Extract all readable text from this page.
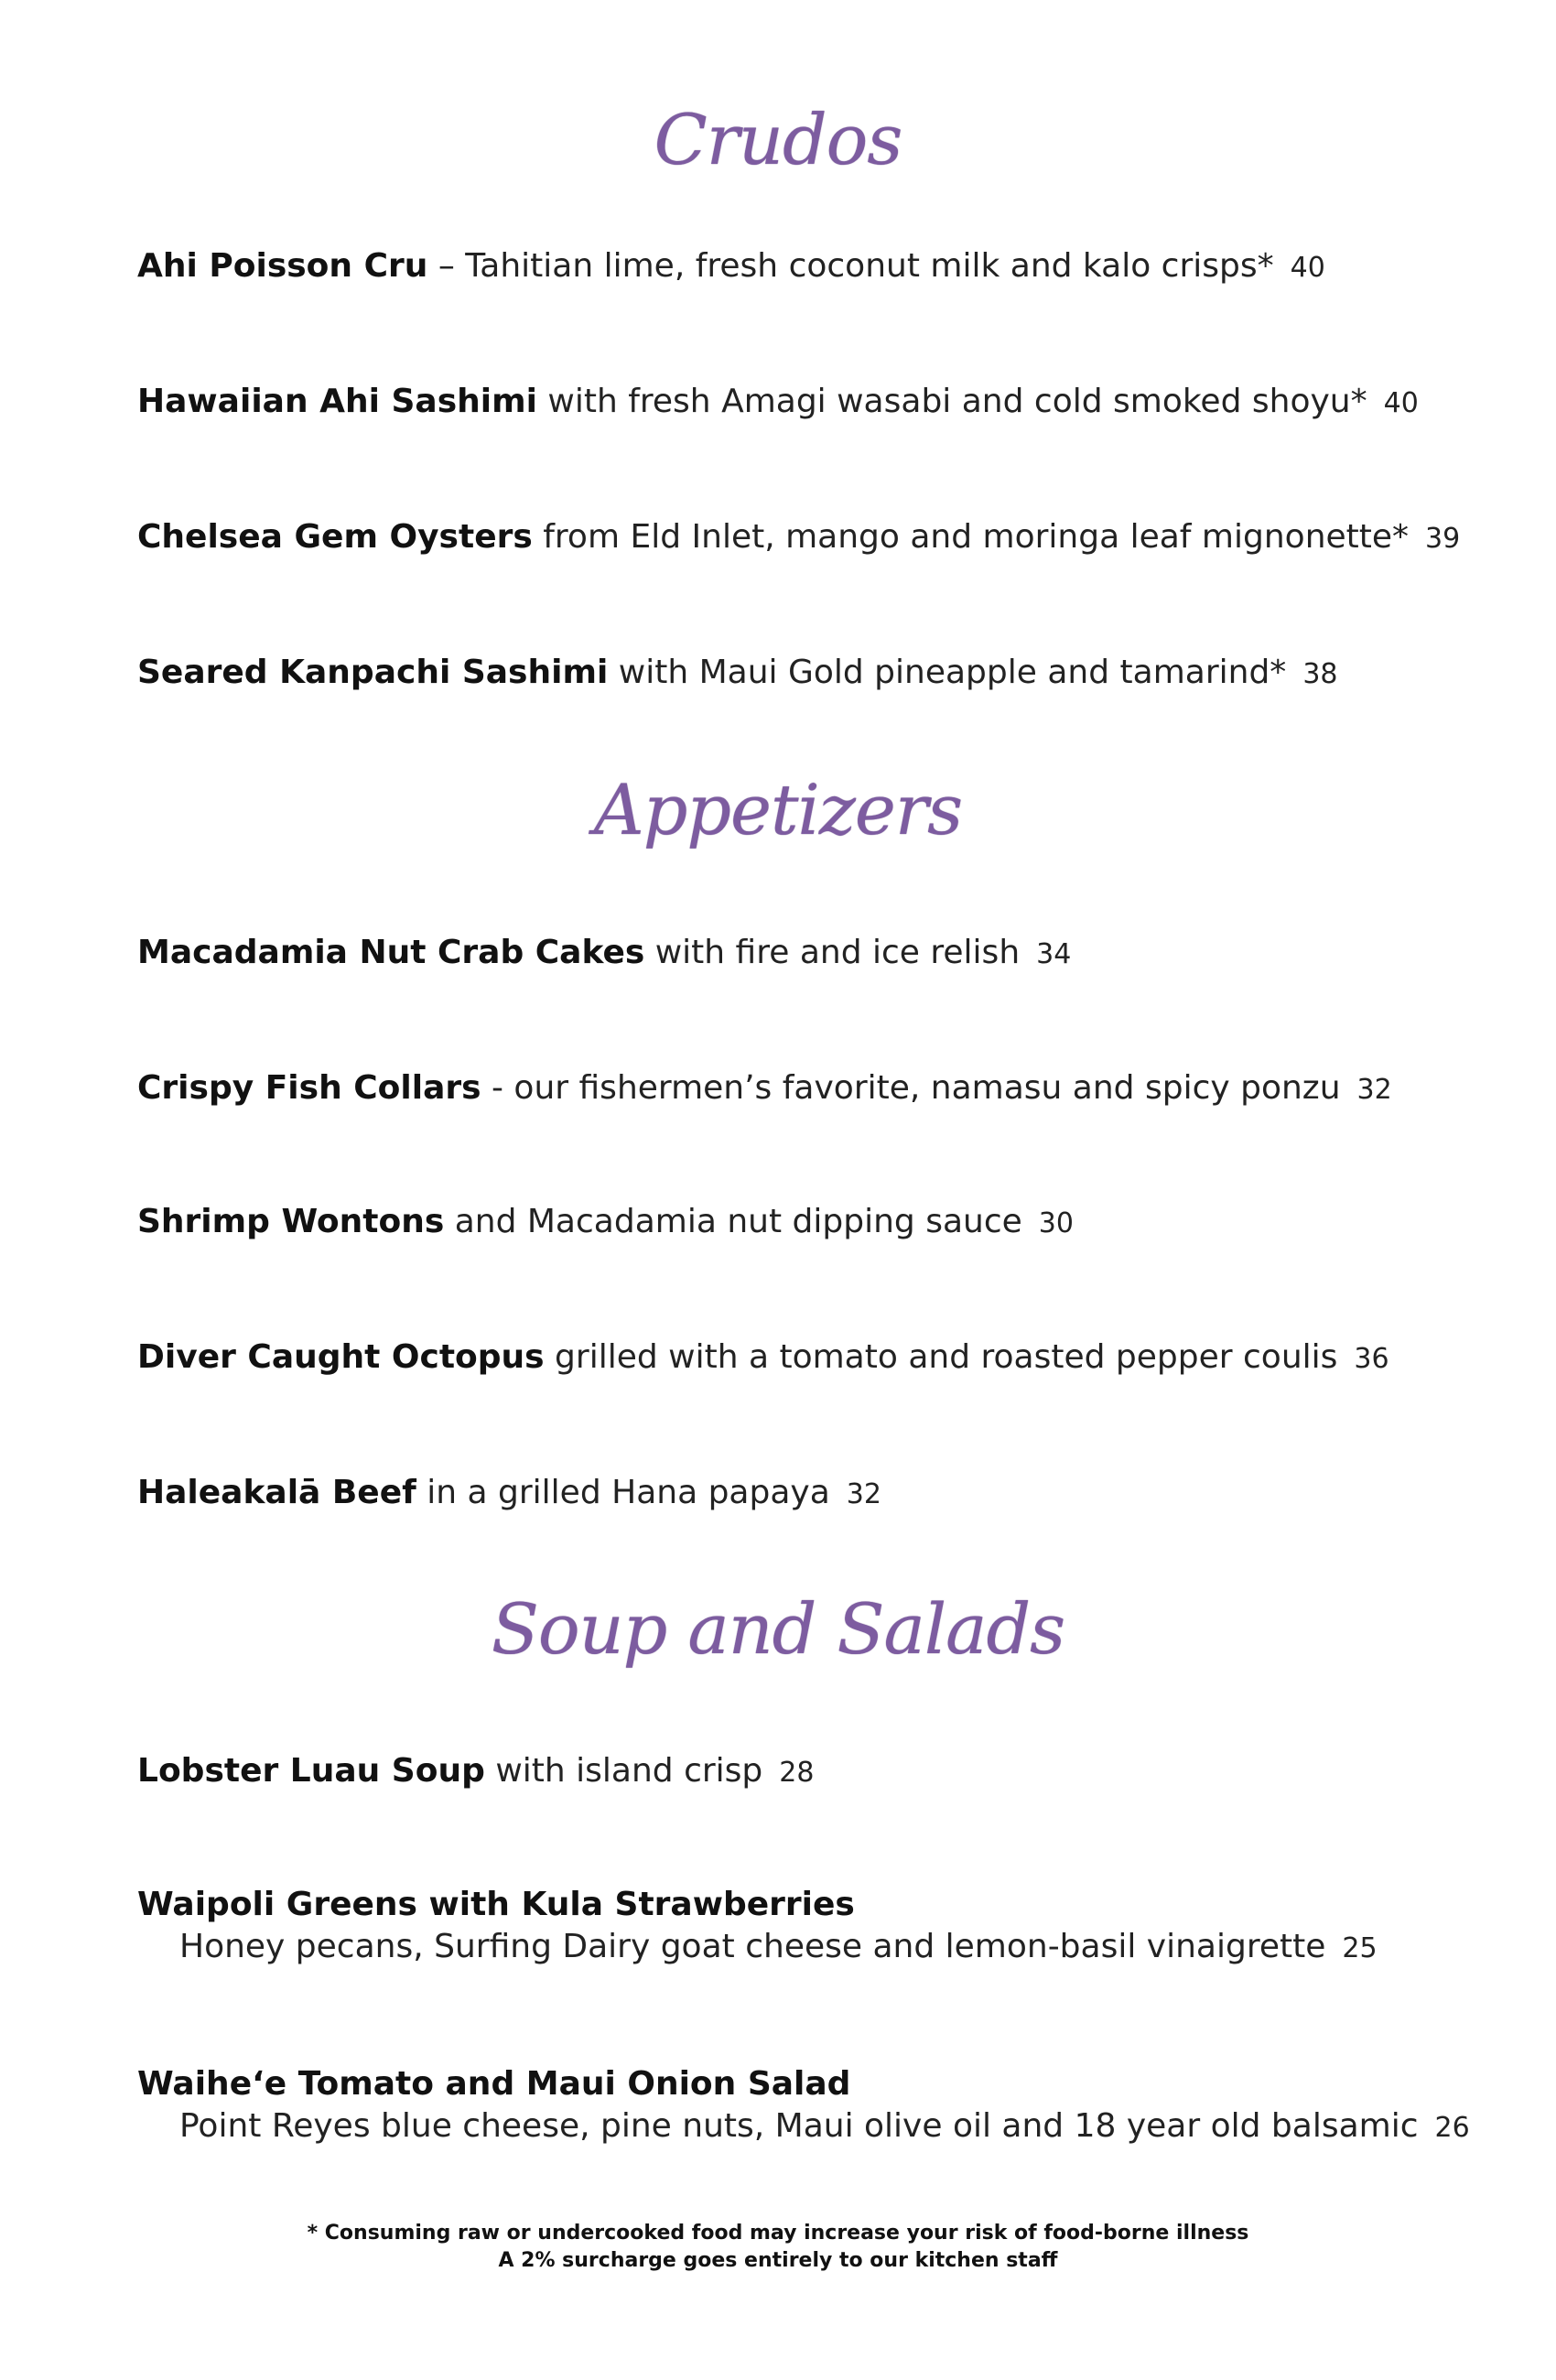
Crudos
Ahi Poisson Cru – Tahitian lime, fresh coconut milk and kalo crisps* 40
Hawaiian Ahi Sashimi with fresh Amagi wasabi and cold smoked shoyu* 40
Chelsea Gem Oysters from Eld Inlet, mango and moringa leaf mignonette* 39
Seared Kanpachi Sashimi with Maui Gold pineapple and tamarind* 38
Appetizers
Macadamia Nut Crab Cakes with fire and ice relish 34
Crispy Fish Collars - our fishermen’s favorite, namasu and spicy ponzu 32
Shrimp Wontons and Macadamia nut dipping sauce 30
Diver Caught Octopus grilled with a tomato and roasted pepper coulis 36
Haleakalā Beef in a grilled Hana papaya 32
Soup and Salads
Lobster Luau Soup with island crisp 28
Waipoli Greens with Kula Strawberries
Honey pecans, Surfing Dairy goat cheese and lemon-basil vinaigrette 25
Waihe‘e Tomato and Maui Onion Salad
Point Reyes blue cheese, pine nuts, Maui olive oil and 18 year old balsamic 26
* Consuming raw or undercooked food may increase your risk of food-borne illness
A 2% surcharge goes entirely to our kitchen staff
